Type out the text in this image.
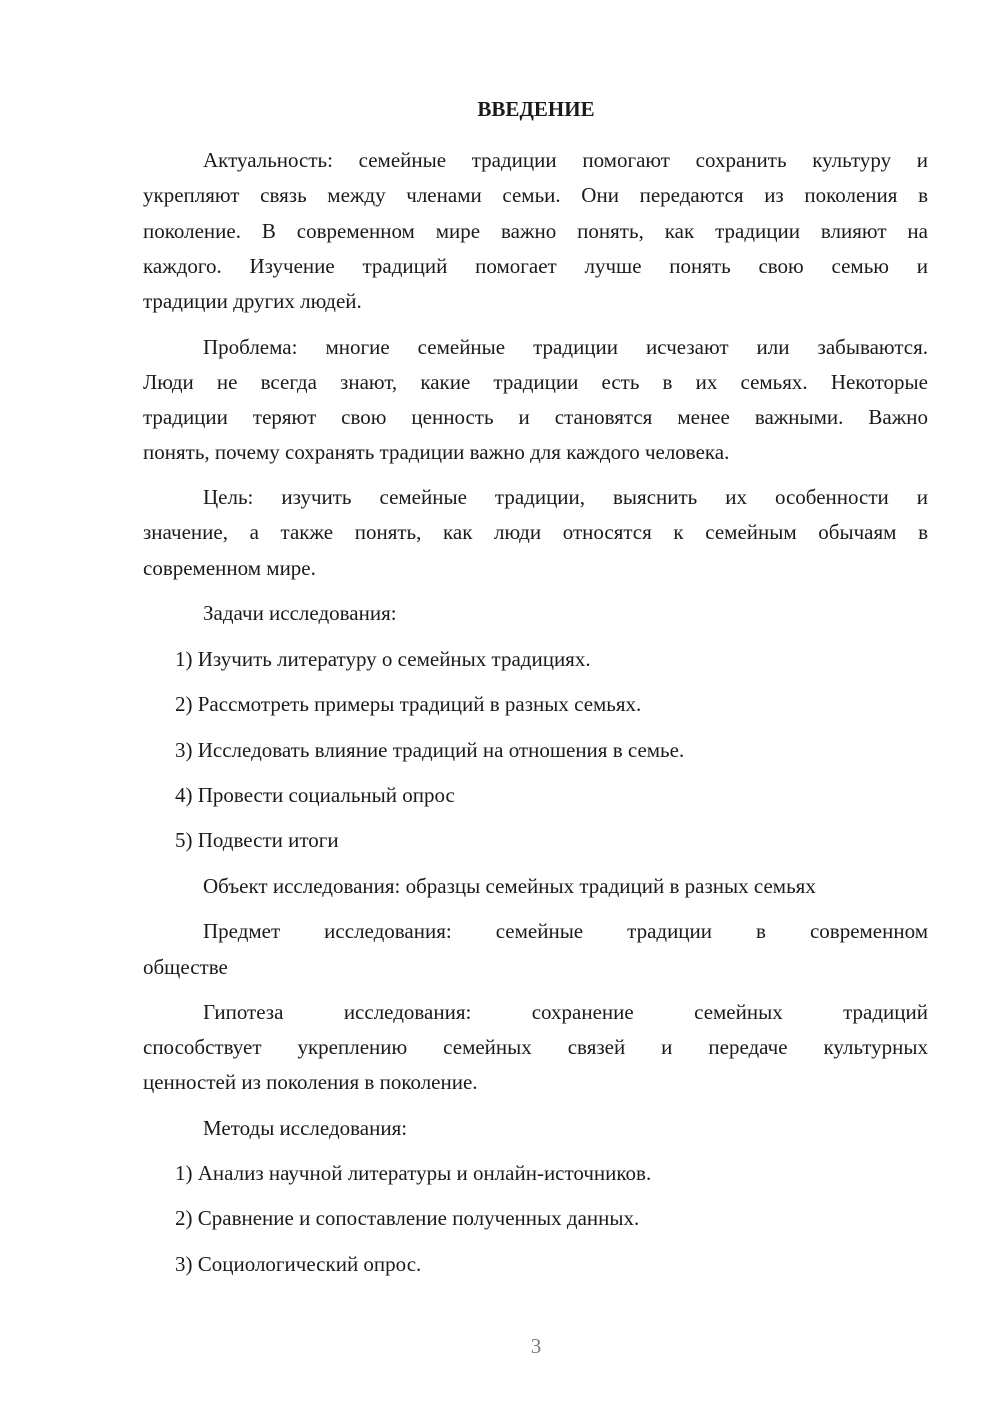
ВВЕДЕНИЕ
Актуальность: семейные традиции помогают сохранить культуру и
укрепляют связь между членами семьи. Они передаются из поколения в
поколение. В современном мире важно понять, как традиции влияют на
каждого. Изучение традиций помогает лучше понять свою семью и
традиции других людей.
Проблема: многие семейные традиции исчезают или забываются.
Люди не всегда знают, какие традиции есть в их семьях. Некоторые
традиции теряют свою ценность и становятся менее важными. Важно
понять, почему сохранять традиции важно для каждого человека.
Цель: изучить семейные традиции, выяснить их особенности и
значение, а также понять, как люди относятся к семейным обычаям в
современном мире.
Задачи исследования:
1) Изучить литературу о семейных традициях.
2) Рассмотреть примеры традиций в разных семьях.
3) Исследовать влияние традиций на отношения в семье.
4) Провести социальный опрос
5) Подвести итоги
Объект исследования: образцы семейных традиций в разных семьях
Предмет исследования: семейные традиции в современном
обществе
Гипотеза исследования: сохранение семейных традиций
способствует укреплению семейных связей и передаче культурных
ценностей из поколения в поколение.
Методы исследования:
1) Анализ научной литературы и онлайн-источников.
2) Сравнение и сопоставление полученных данных.
3) Социологический опрос.
3
